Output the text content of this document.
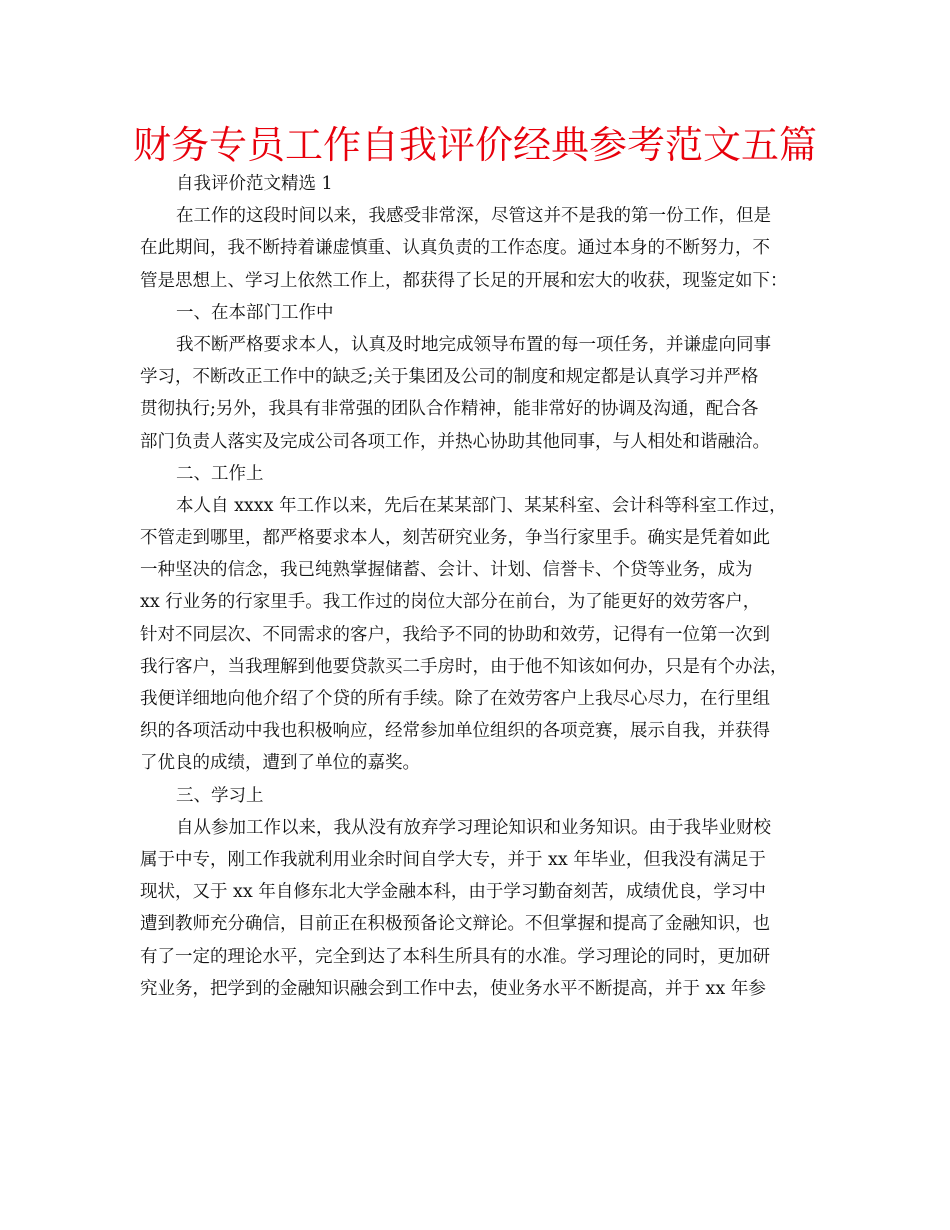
财务专员工作自我评价经典参考范文五篇
自我评价范文精选 1
在工作的这段时间以来，我感受非常深，尽管这并不是我的第一份工作，但是
在此期间，我不断持着谦虚慎重、认真负责的工作态度。通过本身的不断努力，不
管是思想上、学习上依然工作上，都获得了长足的开展和宏大的收获，现鉴定如下：
一、在本部门工作中
我不断严格要求本人，认真及时地完成领导布置的每一项任务，并谦虚向同事
学习，不断改正工作中的缺乏;关于集团及公司的制度和规定都是认真学习并严格
贯彻执行;另外，我具有非常强的团队合作精神，能非常好的协调及沟通，配合各
部门负责人落实及完成公司各项工作，并热心协助其他同事，与人相处和谐融洽。
二、工作上
本人自 xxxx 年工作以来，先后在某某部门、某某科室、会计科等科室工作过，
不管走到哪里，都严格要求本人，刻苦研究业务，争当行家里手。确实是凭着如此
一种坚决的信念，我已纯熟掌握储蓄、会计、计划、信誉卡、个贷等业务，成为
xx 行业务的行家里手。我工作过的岗位大部分在前台，为了能更好的效劳客户，
针对不同层次、不同需求的客户，我给予不同的协助和效劳，记得有一位第一次到
我行客户，当我理解到他要贷款买二手房时，由于他不知该如何办，只是有个办法，
我便详细地向他介绍了个贷的所有手续。除了在效劳客户上我尽心尽力，在行里组
织的各项活动中我也积极响应，经常参加单位组织的各项竞赛，展示自我，并获得
了优良的成绩，遭到了单位的嘉奖。
三、学习上
自从参加工作以来，我从没有放弃学习理论知识和业务知识。由于我毕业财校
属于中专，刚工作我就利用业余时间自学大专，并于 xx 年毕业，但我没有满足于
现状，又于 xx 年自修东北大学金融本科，由于学习勤奋刻苦，成绩优良，学习中
遭到教师充分确信，目前正在积极预备论文辩论。不但掌握和提高了金融知识，也
有了一定的理论水平，完全到达了本科生所具有的水准。学习理论的同时，更加研
究业务，把学到的金融知识融会到工作中去，使业务水平不断提高，并于 xx 年参
